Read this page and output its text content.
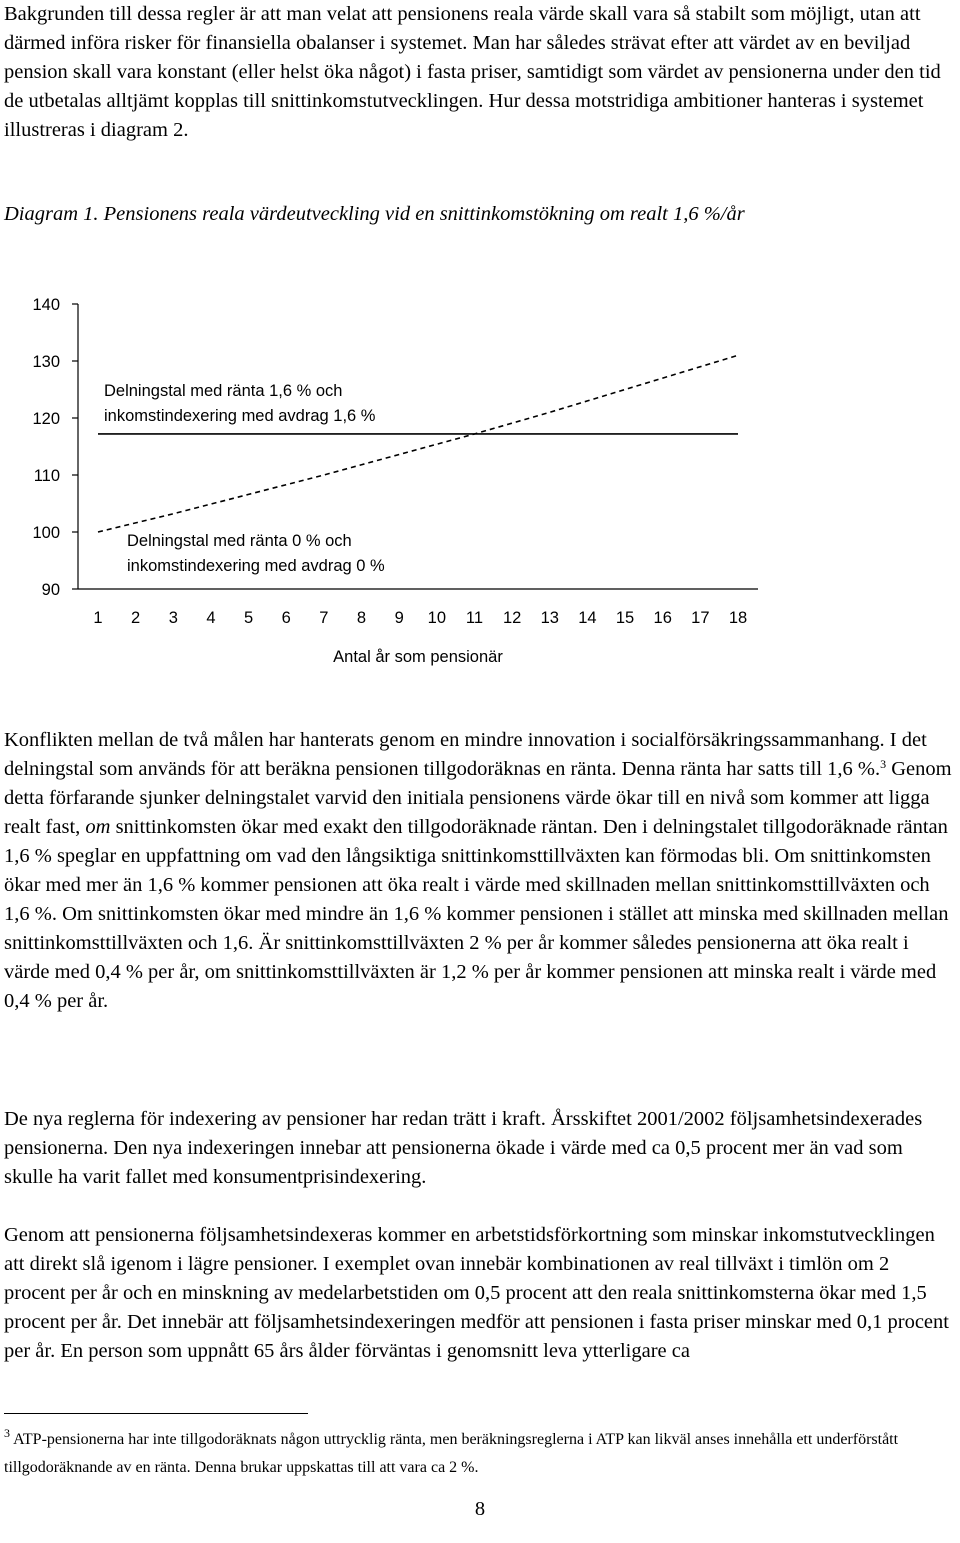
Bakgrunden till dessa regler är att man velat att pensionens reala värde skall vara så stabilt som möjligt, utan att därmed införa risker för finansiella obalanser i systemet. Man har således strävat efter att värdet av en beviljad pension skall vara konstant (eller helst öka något) i fasta priser, samtidigt som värdet av pensionerna under den tid de utbetalas alltjämt kopplas till snittinkomstutvecklingen. Hur dessa motstridiga ambitioner hanteras i systemet illustreras i diagram 2.

Diagram 1. Pensionens reala värdeutveckling vid en snittinkomstökning om realt 1,6 %/år

90
100
110
120
130
140
1 2 3 4 5 6 7 8 9 10 11 12 13 14 15 16 17 18
Delningstal med ränta 1,6 % och
inkomstindexering med avdrag 1,6 %
Delningstal med ränta 0 % och
inkomstindexering med avdrag 0 %
Antal år som pensionär

Konflikten mellan de två målen har hanterats genom en mindre innovation i socialförsäkringssammanhang. I det delningstal som används för att beräkna pensionen tillgodoräknas en ränta. Denna ränta har satts till 1,6 %.$^3$ Genom detta förfarande sjunker delningstalet varvid den initiala pensionens värde ökar till en nivå som kommer att ligga realt fast, om snittinkomsten ökar med exakt den tillgodoräknade räntan. Den i delningstalet tillgodoräknade räntan 1,6 % speglar en uppfattning om vad den långsiktiga snittinkomsttillväxten kan förmodas bli. Om snittinkomsten ökar med mer än 1,6 % kommer pensionen att öka realt i värde med skillnaden mellan snittinkomsttillväxten och 1,6 %. Om snittinkomsten ökar med mindre än 1,6 % kommer pensionen i stället att minska med skillnaden mellan snittinkomsttillväxten och 1,6. Är snittinkomsttillväxten 2 % per år kommer således pensionerna att öka realt i värde med 0,4 % per år, om snittinkomsttillväxten är 1,2 % per år kommer pensionen att minska realt i värde med 0,4 % per år.

De nya reglerna för indexering av pensioner har redan trätt i kraft. Årsskiftet 2001/2002 följsamhetsindexerades pensionerna. Den nya indexeringen innebar att pensionerna ökade i värde med ca 0,5 procent mer än vad som skulle ha varit fallet med konsumentprisindexering.

Genom att pensionerna följsamhetsindexeras kommer en arbetstidsförkortning som minskar inkomstutvecklingen att direkt slå igenom i lägre pensioner. I exemplet ovan innebär kombinationen av real tillväxt i timlön om 2 procent per år och en minskning av medelarbetstiden om 0,5 procent att den reala snittinkomsterna ökar med 1,5 procent per år. Det innebär att följsamhetsindexeringen medför att pensionen i fasta priser minskar med 0,1 procent per år. En person som uppnått 65 års ålder förväntas i genomsnitt leva ytterligare ca

$^3$ ATP-pensionerna har inte tillgodoräknats någon uttrycklig ränta, men beräkningsreglerna i ATP kan likväl anses innehålla ett underförstått tillgodoräknande av en ränta. Denna brukar uppskattas till att vara ca 2 %.

8
